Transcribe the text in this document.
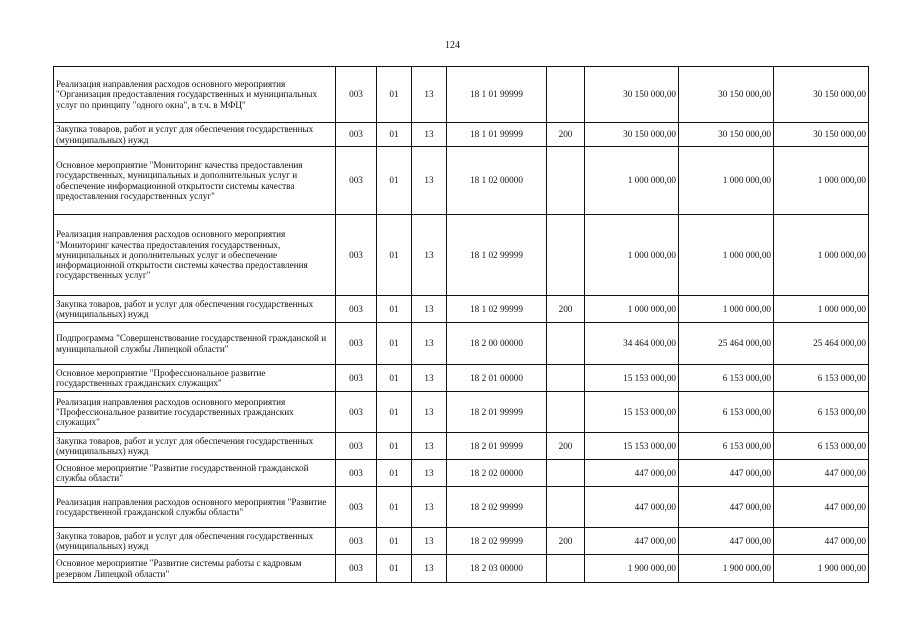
124
Реализация направления расходов основного мероприятия "Организация предоставления государственных и муниципальных услуг по принципу "одного окна", в т.ч. в МФЦ"	003	01	13	18 1 01 99999		30 150 000,00	30 150 000,00	30 150 000,00
Закупка товаров, работ и услуг для обеспечения государственных (муниципальных) нужд	003	01	13	18 1 01 99999	200	30 150 000,00	30 150 000,00	30 150 000,00
Основное мероприятие "Мониторинг качества предоставления государственных, муниципальных и дополнительных услуг и обеспечение информационной открытости системы качества предоставления государственных услуг"	003	01	13	18 1 02 00000		1 000 000,00	1 000 000,00	1 000 000,00
Реализация направления расходов основного мероприятия "Мониторинг качества предоставления государственных, муниципальных и дополнительных услуг и обеспечение информационной открытости системы качества предоставления государственных услуг"	003	01	13	18 1 02 99999		1 000 000,00	1 000 000,00	1 000 000,00
Закупка товаров, работ и услуг для обеспечения государственных (муниципальных) нужд	003	01	13	18 1 02 99999	200	1 000 000,00	1 000 000,00	1 000 000,00
Подпрограмма "Совершенствование государственной гражданской и муниципальной службы Липецкой области"	003	01	13	18 2 00 00000		34 464 000,00	25 464 000,00	25 464 000,00
Основное мероприятие "Профессиональное развитие государственных гражданских служащих"	003	01	13	18 2 01 00000		15 153 000,00	6 153 000,00	6 153 000,00
Реализация направления расходов основного мероприятия "Профессиональное развитие государственных гражданских служащих"	003	01	13	18 2 01 99999		15 153 000,00	6 153 000,00	6 153 000,00
Закупка товаров, работ и услуг для обеспечения государственных (муниципальных) нужд	003	01	13	18 2 01 99999	200	15 153 000,00	6 153 000,00	6 153 000,00
Основное мероприятие "Развитие государственной гражданской службы области"	003	01	13	18 2 02 00000		447 000,00	447 000,00	447 000,00
Реализация направления расходов основного мероприятия "Развитие государственной гражданской службы области"	003	01	13	18 2 02 99999		447 000,00	447 000,00	447 000,00
Закупка товаров, работ и услуг для обеспечения государственных (муниципальных) нужд	003	01	13	18 2 02 99999	200	447 000,00	447 000,00	447 000,00
Основное мероприятие "Развитие системы работы с кадровым резервом Липецкой области"	003	01	13	18 2 03 00000		1 900 000,00	1 900 000,00	1 900 000,00
